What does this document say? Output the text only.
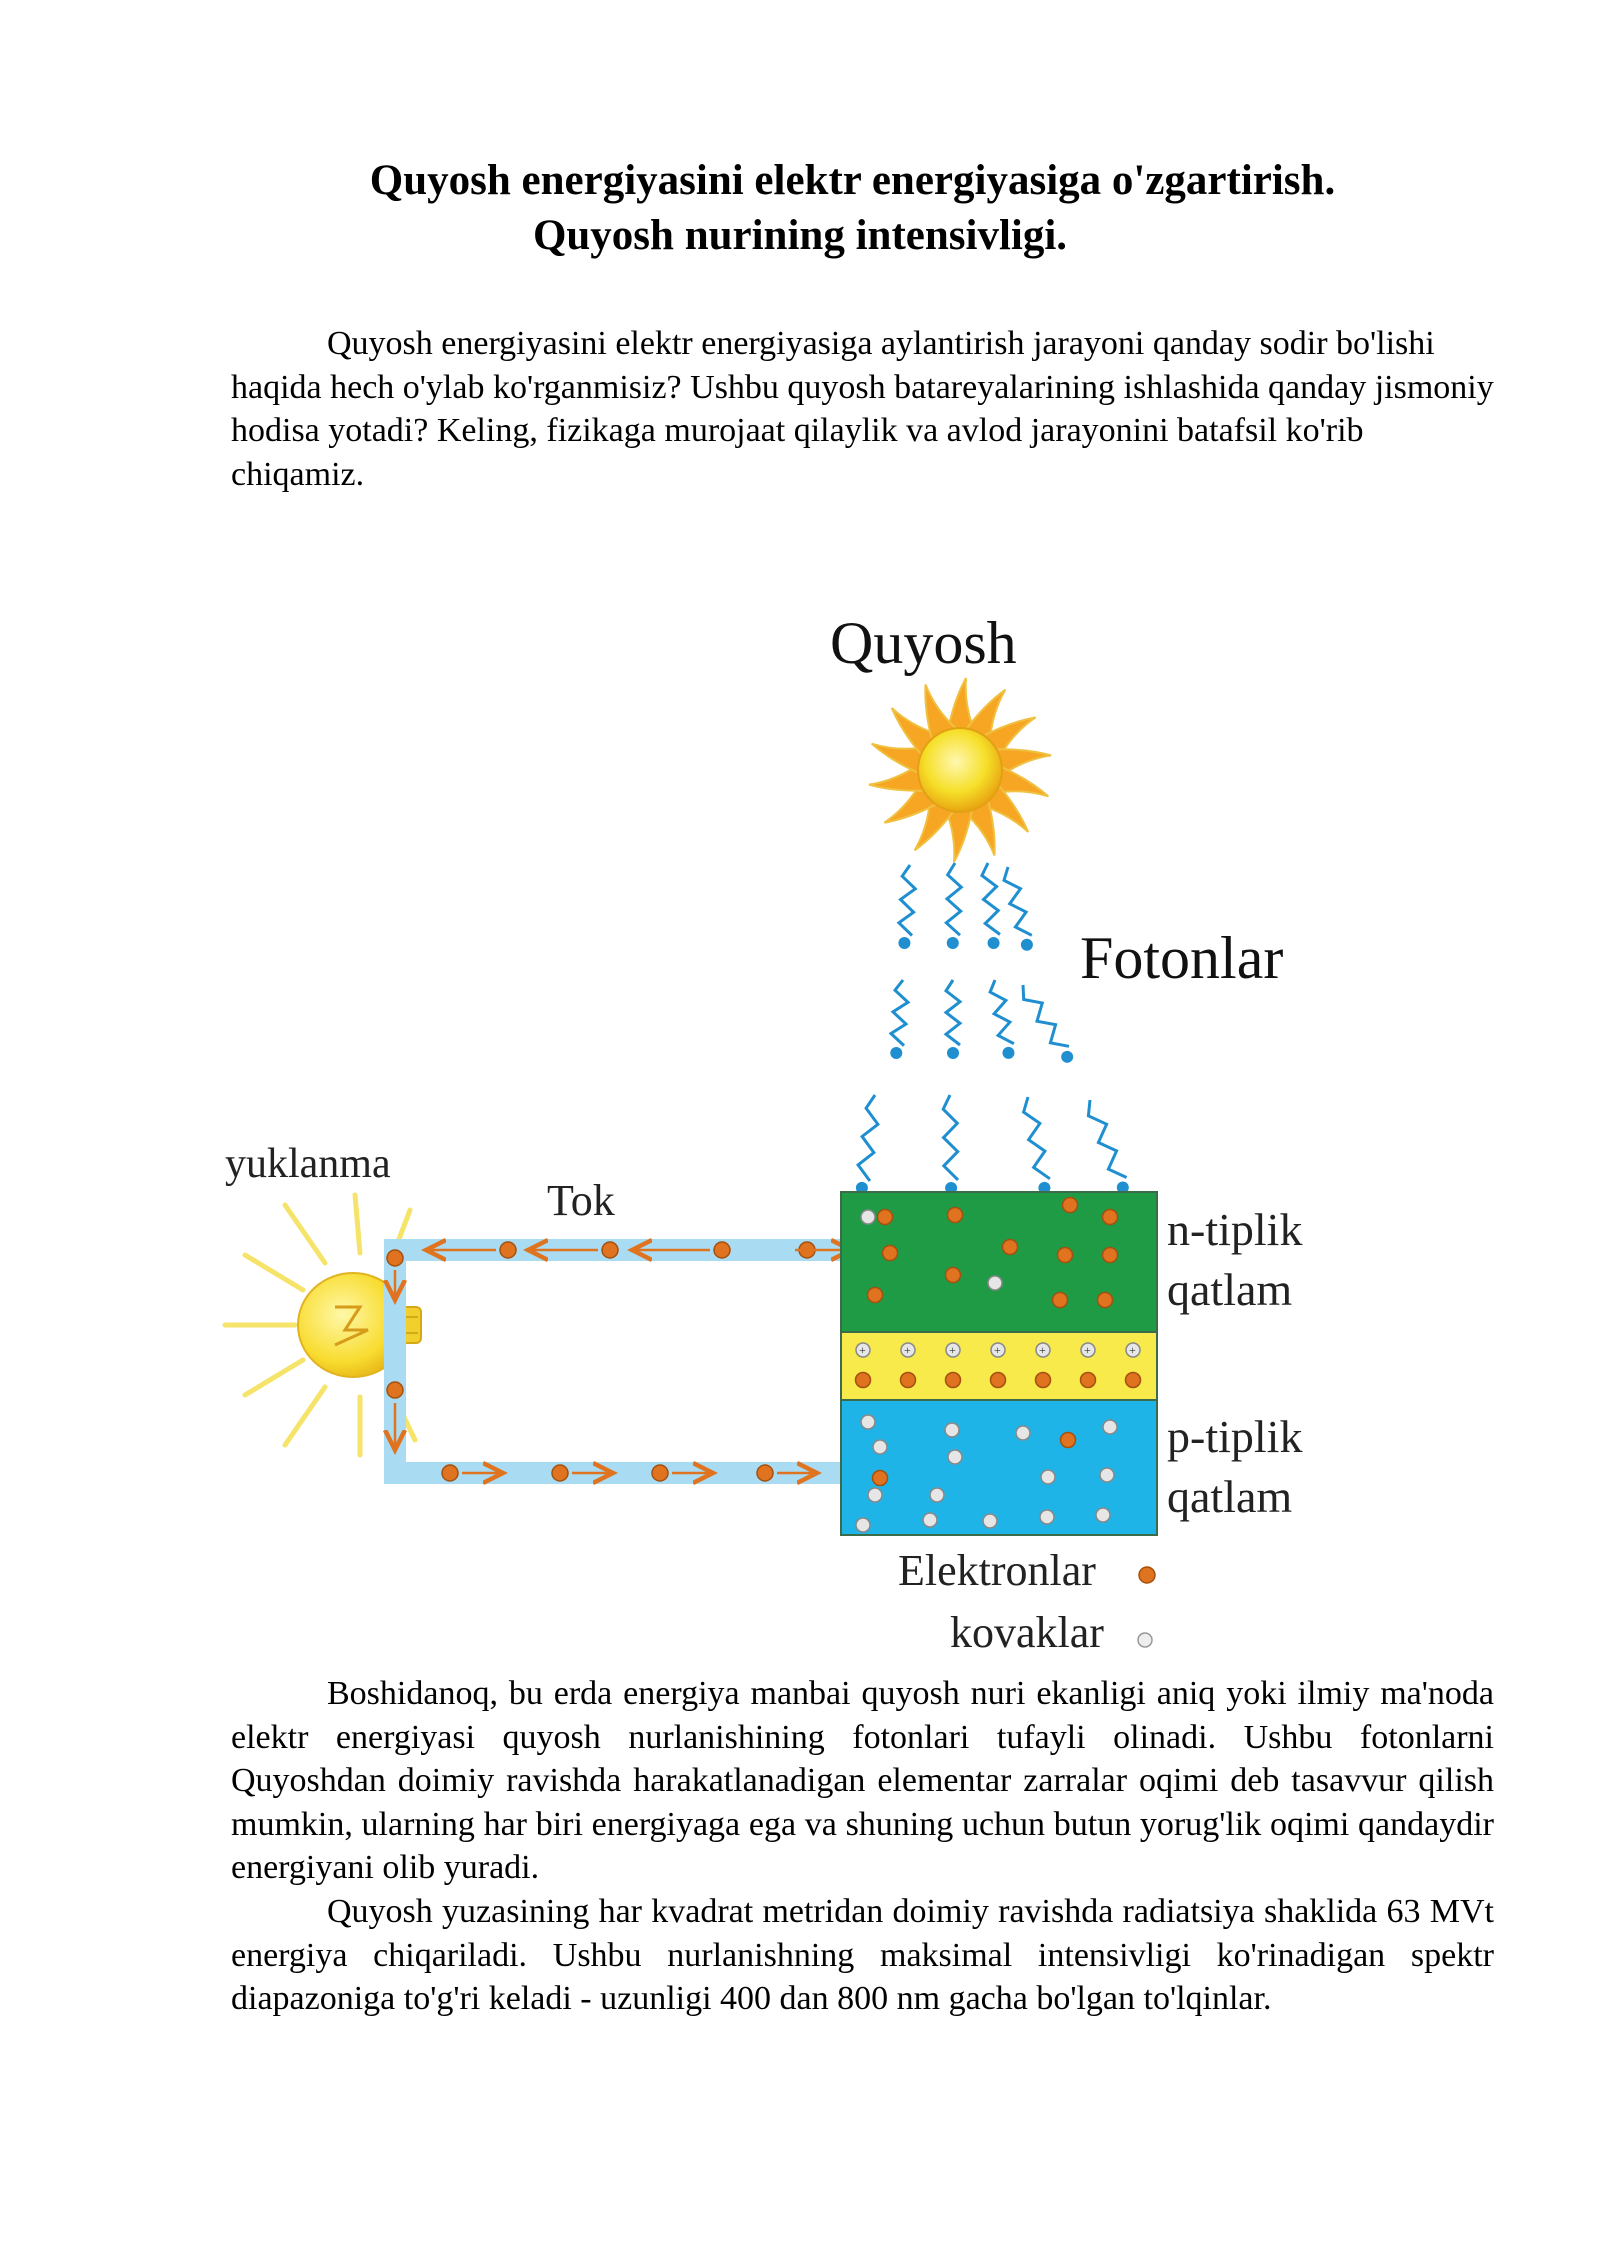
Quyosh energiyasini elektr energiyasiga o'zgartirish.
Quyosh nurining intensivligi.

Quyosh energiyasini elektr energiyasiga aylantirish jarayoni qanday sodir bo'lishi haqida hech o'ylab ko'rganmisiz? Ushbu quyosh batareyalarining ishlashida qanday jismoniy hodisa yotadi? Keling, fizikaga murojaat qilaylik va avlod jarayonini batafsil ko'rib chiqamiz.

Quyosh
Fotonlar
yuklanma
Tok
+	+	+	+	+	+	+
n-tiplik
qatlam
p-tiplik
qatlam
Elektronlar
kovaklar

Boshidanoq, bu erda energiya manbai quyosh nuri ekanligi aniq yoki ilmiy ma'noda elektr energiyasi quyosh nurlanishining fotonlari tufayli olinadi. Ushbu fotonlarni Quyoshdan doimiy ravishda harakatlanadigan elementar zarralar oqimi deb tasavvur qilish mumkin, ularning har biri energiyaga ega va shuning uchun butun yorug'lik oqimi qandaydir energiyani olib yuradi.

Quyosh yuzasining har kvadrat metridan doimiy ravishda radiatsiya shaklida 63 MVt energiya chiqariladi. Ushbu nurlanishning maksimal intensivligi ko'rinadigan spektr diapazoniga to'g'ri keladi - uzunligi 400 dan 800 nm gacha bo'lgan to'lqinlar.
